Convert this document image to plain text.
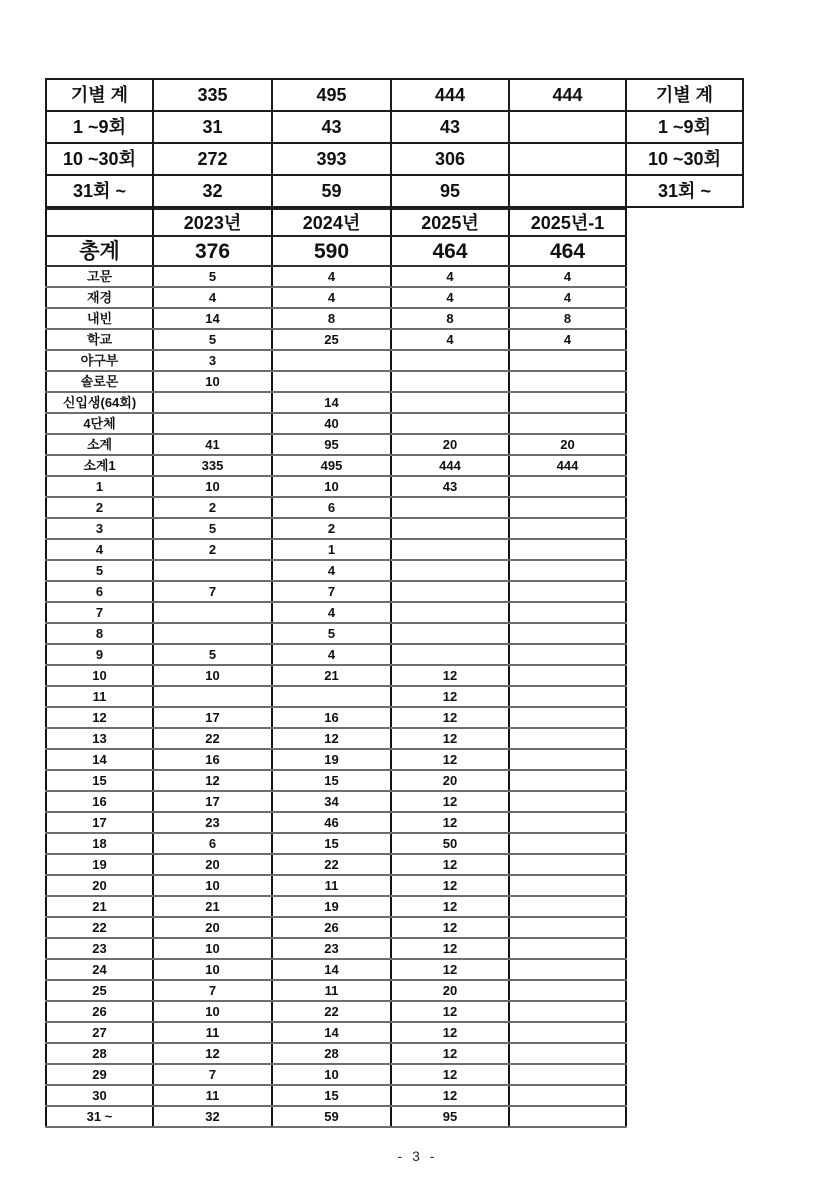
기별 계	335	495	444	444	기별 계
1 ~9회	31	43	43		1 ~9회
10 ~30회	272	393	306		10 ~30회
31회 ~	32	59	95		31회 ~
	2023년	2024년	2025년	2025년-1
총계	376	590	464	464
고문	5	4	4	4
재경	4	4	4	4
내빈	14	8	8	8
학교	5	25	4	4
야구부	3			
솔로몬	10			
신입생(64회)		14		
4단체		40		
소계	41	95	20	20
소계1	335	495	444	444
1	10	10	43	
2	2	6		
3	5	2		
4	2	1		
5		4		
6	7	7		
7		4		
8		5		
9	5	4		
10	10	21	12	
11			12	
12	17	16	12	
13	22	12	12	
14	16	19	12	
15	12	15	20	
16	17	34	12	
17	23	46	12	
18	6	15	50	
19	20	22	12	
20	10	11	12	
21	21	19	12	
22	20	26	12	
23	10	23	12	
24	10	14	12	
25	7	11	20	
26	10	22	12	
27	11	14	12	
28	12	28	12	
29	7	10	12	
30	11	15	12	
31 ~	32	59	95	
- 3 -
